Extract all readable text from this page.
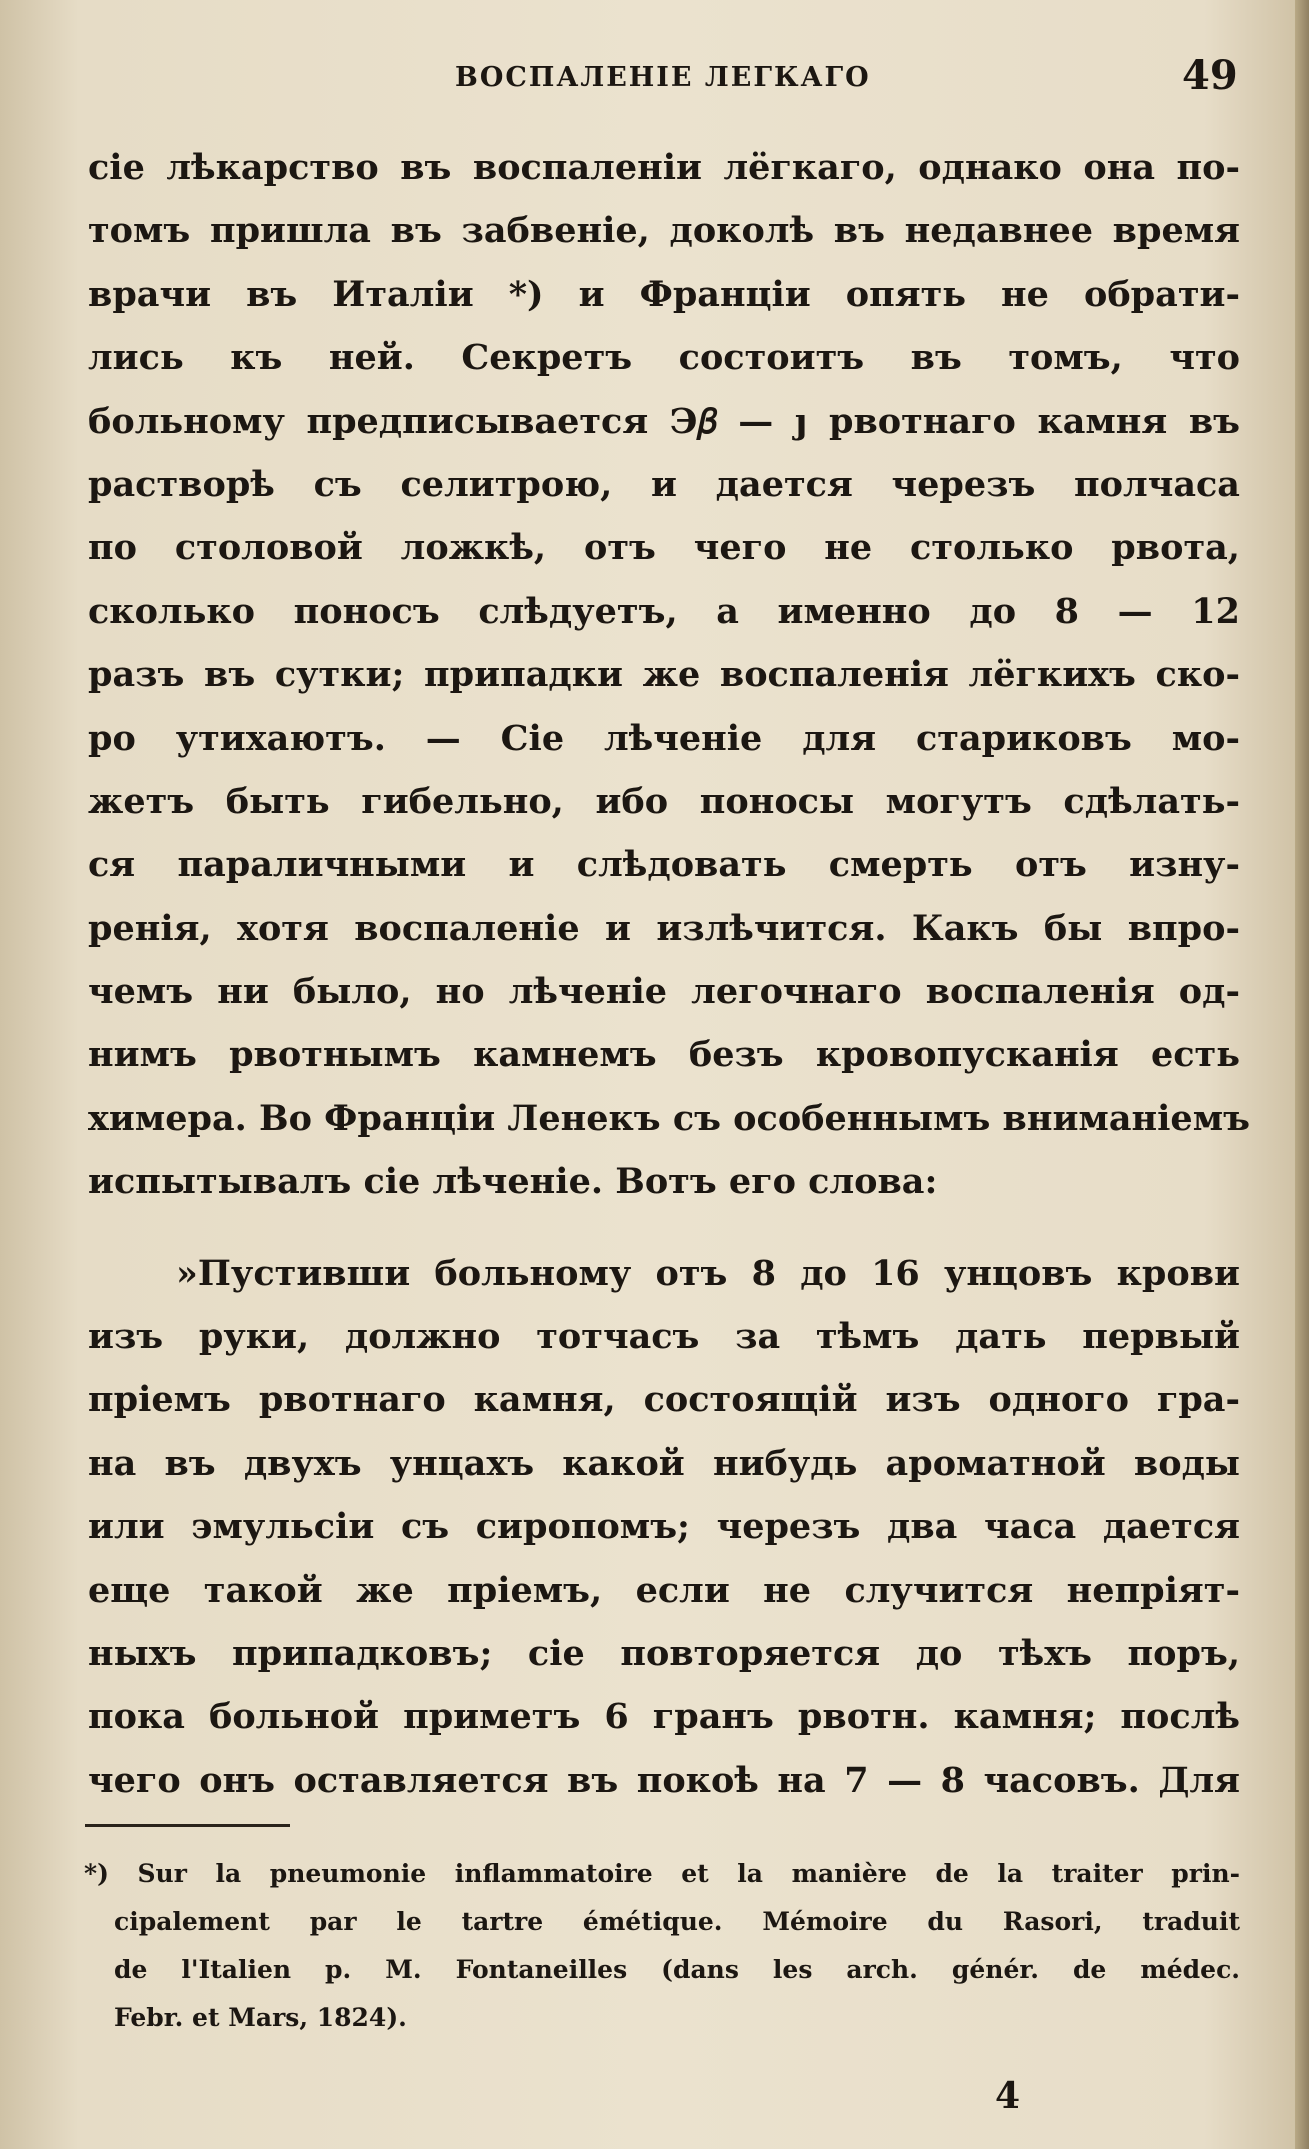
ВОСПАЛЕНІЕ ЛЕГКАГО	49
сіе лѣкарство въ воспаленіи лёгкаго, однако она по-
томъ пришла въ забвеніе, доколѣ въ недавнее время
врачи въ Италіи *) и Франціи опять не обрати-
лись къ ней. Секретъ состоитъ въ томъ, что
больному предписывается Э𝛽 — ȷ рвотнаго камня въ
растворѣ съ селитрою, и дается черезъ полчаса
по столовой ложкѣ, отъ чего не столько рвота,
сколько поносъ слѣдуетъ, а именно до 8 — 12
разъ въ сутки; припадки же воспаленія лёгкихъ ско-
ро утихаютъ. — Сіе лѣченіе для стариковъ мо-
жетъ быть гибельно, ибо поносы могутъ сдѣлать-
ся параличными и слѣдовать смерть отъ изну-
ренія, хотя воспаленіе и излѣчится. Какъ бы впро-
чемъ ни было, но лѣченіе легочнаго воспаленія од-
нимъ рвотнымъ камнемъ безъ кровопусканія есть
химера. Во Франціи Ленекъ съ особеннымъ вниманіемъ
испытывалъ сіе лѣченіе. Вотъ его слова:
»Пустивши больному отъ 8 до 16 унцовъ крови
изъ руки, должно тотчасъ за тѣмъ дать первый
пріемъ рвотнаго камня, состоящій изъ одного гра-
на въ двухъ унцахъ какой нибудь ароматной воды
или эмульсіи съ сиропомъ; черезъ два часа дается
еще такой же пріемъ, если не случится непріят-
ныхъ припадковъ; сіе повторяется до тѣхъ поръ,
пока больной приметъ 6 гранъ рвотн. камня; послѣ
чего онъ оставляется въ покоѣ на 7 — 8 часовъ. Для
*) Sur la pneumonie inflammatoire et la manière de la traiter prin-
cipalement par le tartre émétique. Mémoire du Rasori, traduit
de l'Italien p. M. Fontaneilles (dans les arch. génér. de médec.
Febr. et Mars, 1824).
4
